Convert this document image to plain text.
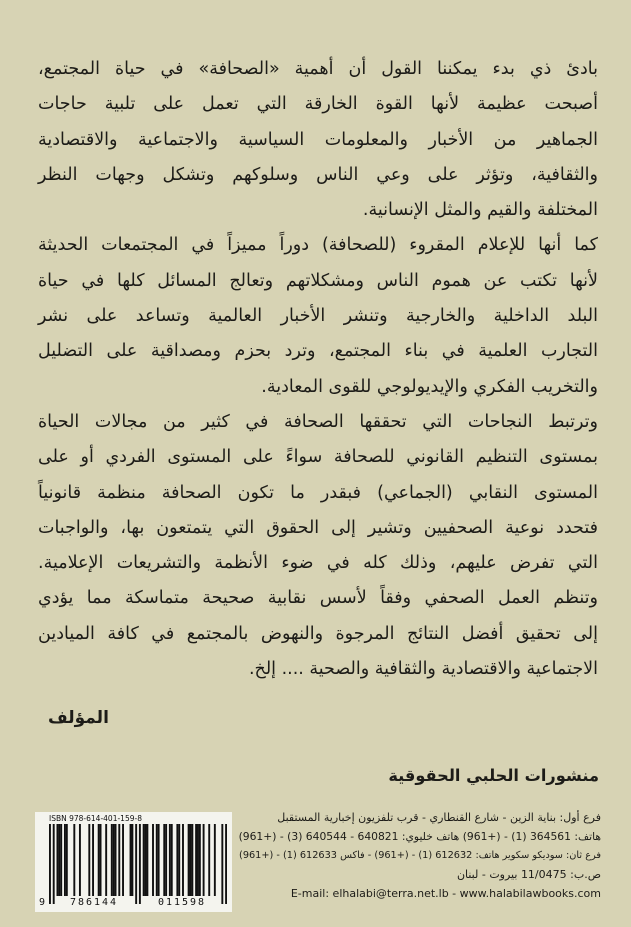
بادئ ذي بدء يمكننا القول أن أهمية «الصحافة» في حياة المجتمع،
أصبحت عظيمة لأنها القوة الخارقة التي تعمل على تلبية حاجات
الجماهير من الأخبار والمعلومات السياسية والاجتماعية والاقتصادية
والثقافية، وتؤثر على وعي الناس وسلوكهم وتشكل وجهات النظر
المختلفة والقيم والمثل الإنسانية.
كما أنها للإعلام المقروء (للصحافة) دوراً مميزاً في المجتمعات الحديثة
لأنها تكتب عن هموم الناس ومشكلاتهم وتعالج المسائل كلها في حياة
البلد الداخلية والخارجية وتنشر الأخبار العالمية وتساعد على نشر
التجارب العلمية في بناء المجتمع، وترد بحزم ومصداقية على التضليل
والتخريب الفكري والإيديولوجي للقوى المعادية.
وترتبط النجاحات التي تحققها الصحافة في كثير من مجالات الحياة
بمستوى التنظيم القانوني للصحافة سواءً على المستوى الفردي أو على
المستوى النقابي (الجماعي) فبقدر ما تكون الصحافة منظمة قانونياً
فتحدد نوعية الصحفيين وتشير إلى الحقوق التي يتمتعون بها، والواجبات
التي تفرض عليهم، وذلك كله في ضوء الأنظمة والتشريعات الإعلامية.
وتنظم العمل الصحفي وفقاً لأسس نقابية صحيحة متماسكة مما يؤدي
إلى تحقيق أفضل النتائج المرجوة والنهوض بالمجتمع في كافة الميادين
الاجتماعية والاقتصادية والثقافية والصحية .... إلخ.
المؤلف
منشورات الحلبي الحقوقية
فرع أول: بناية الزين - شارع القنطاري - قرب تلفزيون إخبارية المستقبل
هاتف: 364561 (1) - (+961) هاتف خليوي: 640821 - 640544 (3) - (+961)
فرع ثان: سوديكو سكوير هاتف: 612632 (1) - (+961) - فاكس 612633 (1) - (+961)
ص.ب: 11/0475 بيروت - لبنان
E-mail: elhalabi@terra.net.lb - www.halabilawbooks.com
ISBN 978-614-401-159-8
9	786144	011598
